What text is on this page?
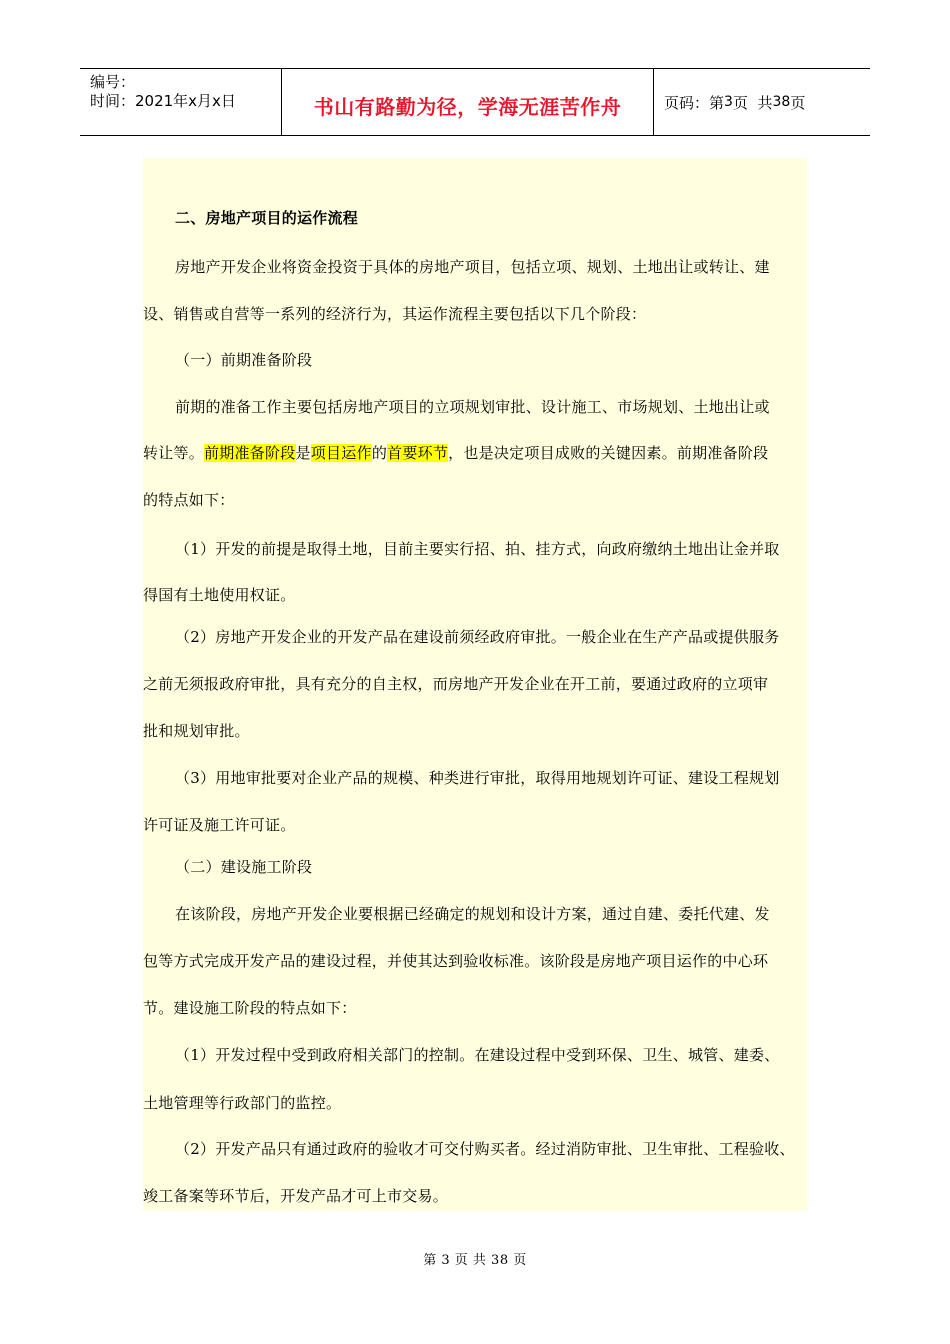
编号：
时间：2021年x月x日	书山有路勤为径，学海无涯苦作舟	页码：第 3 页  共 38 页
二、房地产项目的运作流程
房地产开发企业将资金投资于具体的房地产项目，包括立项、规划、土地出让或转让、建
设、销售或自营等一系列的经济行为，其运作流程主要包括以下几个阶段：
（一）前期准备阶段
前期的准备工作主要包括房地产项目的立项规划审批、设计施工、市场规划、土地出让或
转让等。前期准备阶段是项目运作的首要环节，也是决定项目成败的关键因素。前期准备阶段
的特点如下：
（1）开发的前提是取得土地，目前主要实行招、拍、挂方式，向政府缴纳土地出让金并取
得国有土地使用权证。
（2）房地产开发企业的开发产品在建设前须经政府审批。一般企业在生产产品或提供服务
之前无须报政府审批，具有充分的自主权，而房地产开发企业在开工前，要通过政府的立项审
批和规划审批。
（3）用地审批要对企业产品的规模、种类进行审批，取得用地规划许可证、建设工程规划
许可证及施工许可证。
（二）建设施工阶段
在该阶段，房地产开发企业要根据已经确定的规划和设计方案，通过自建、委托代建、发
包等方式完成开发产品的建设过程，并使其达到验收标准。该阶段是房地产项目运作的中心环
节。建设施工阶段的特点如下：
（1）开发过程中受到政府相关部门的控制。在建设过程中受到环保、卫生、城管、建委、
土地管理等行政部门的监控。
（2）开发产品只有通过政府的验收才可交付购买者。经过消防审批、卫生审批、工程验收、
竣工备案等环节后，开发产品才可上市交易。
第 3 页 共 38 页
